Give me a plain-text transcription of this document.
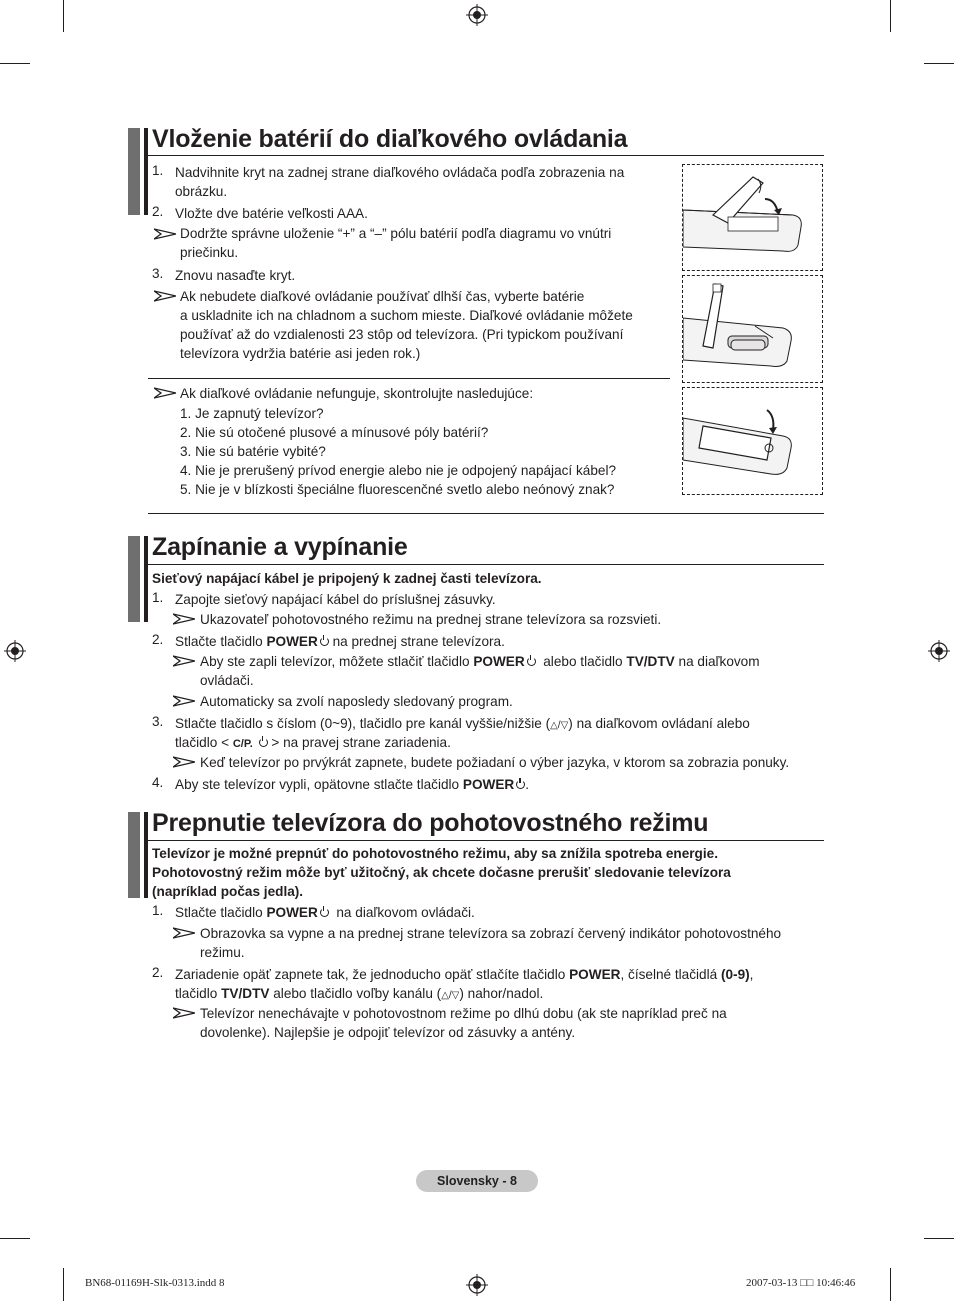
Vloženie batérií do diaľkového ovládania
1. Nadvihnite kryt na zadnej strane diaľkového ovládača podľa zobrazenia na
obrázku.
2. Vložte dve batérie veľkosti AAA.
Dodržte správne uloženie “+” a “–” pólu batérií podľa diagramu vo vnútri
priečinku.
3. Znovu nasaďte kryt.
Ak nebudete diaľkové ovládanie používať dlhší čas, vyberte batérie
a uskladnite ich na chladnom a suchom mieste. Diaľkové ovládanie môžete
používať až do vzdialenosti 23 stôp od televízora. (Pri typickom používaní
televízora vydržia batérie asi jeden rok.)
Ak diaľkové ovládanie nefunguje, skontrolujte nasledujúce:
1. Je zapnutý televízor?
2. Nie sú otočené plusové a mínusové póly batérií?
3. Nie sú batérie vybité?
4. Nie je prerušený prívod energie alebo nie je odpojený napájací kábel?
5. Nie je v blízkosti špeciálne fluorescenčné svetlo alebo neónový znak?
Zapínanie a vypínanie
Sieťový napájací kábel je pripojený k zadnej časti televízora.
1. Zapojte sieťový napájací kábel do príslušnej zásuvky.
Ukazovateľ pohotovostného režimu na prednej strane televízora sa rozsvieti.
2. Stlačte tlačidlo POWER na prednej strane televízora.
Aby ste zapli televízor, môžete stlačiť tlačidlo POWER alebo tlačidlo TV/DTV na diaľkovom
ovládači.
Automaticky sa zvolí naposledy sledovaný program.
3. Stlačte tlačidlo s číslom (0~9), tlačidlo pre kanál vyššie/nižšie (△/▽) na diaľkovom ovládaní alebo
tlačidlo < C/P. > na pravej strane zariadenia.
Keď televízor po prvýkrát zapnete, budete požiadaní o výber jazyka, v ktorom sa zobrazia ponuky.
4. Aby ste televízor vypli, opätovne stlačte tlačidlo POWER .
Prepnutie televízora do pohotovostného režimu
Televízor je možné prepnúť do pohotovostného režimu, aby sa znížila spotreba energie.
Pohotovostný režim môže byť užitočný, ak chcete dočasne prerušiť sledovanie televízora
(napríklad počas jedla).
1. Stlačte tlačidlo POWER na diaľkovom ovládači.
Obrazovka sa vypne a na prednej strane televízora sa zobrazí červený indikátor pohotovostného
režimu.
2. Zariadenie opäť zapnete tak, že jednoducho opäť stlačíte tlačidlo POWER, číselné tlačidlá (0-9),
tlačidlo TV/DTV alebo tlačidlo voľby kanálu (△/▽) nahor/nadol.
Televízor nenechávajte v pohotovostnom režime po dlhú dobu (ak ste napríklad preč na
dovolenke). Najlepšie je odpojiť televízor od zásuvky a antény.
Slovensky - 8
BN68-01169H-Slk-0313.indd 8	2007-03-13 □□ 10:46:46
